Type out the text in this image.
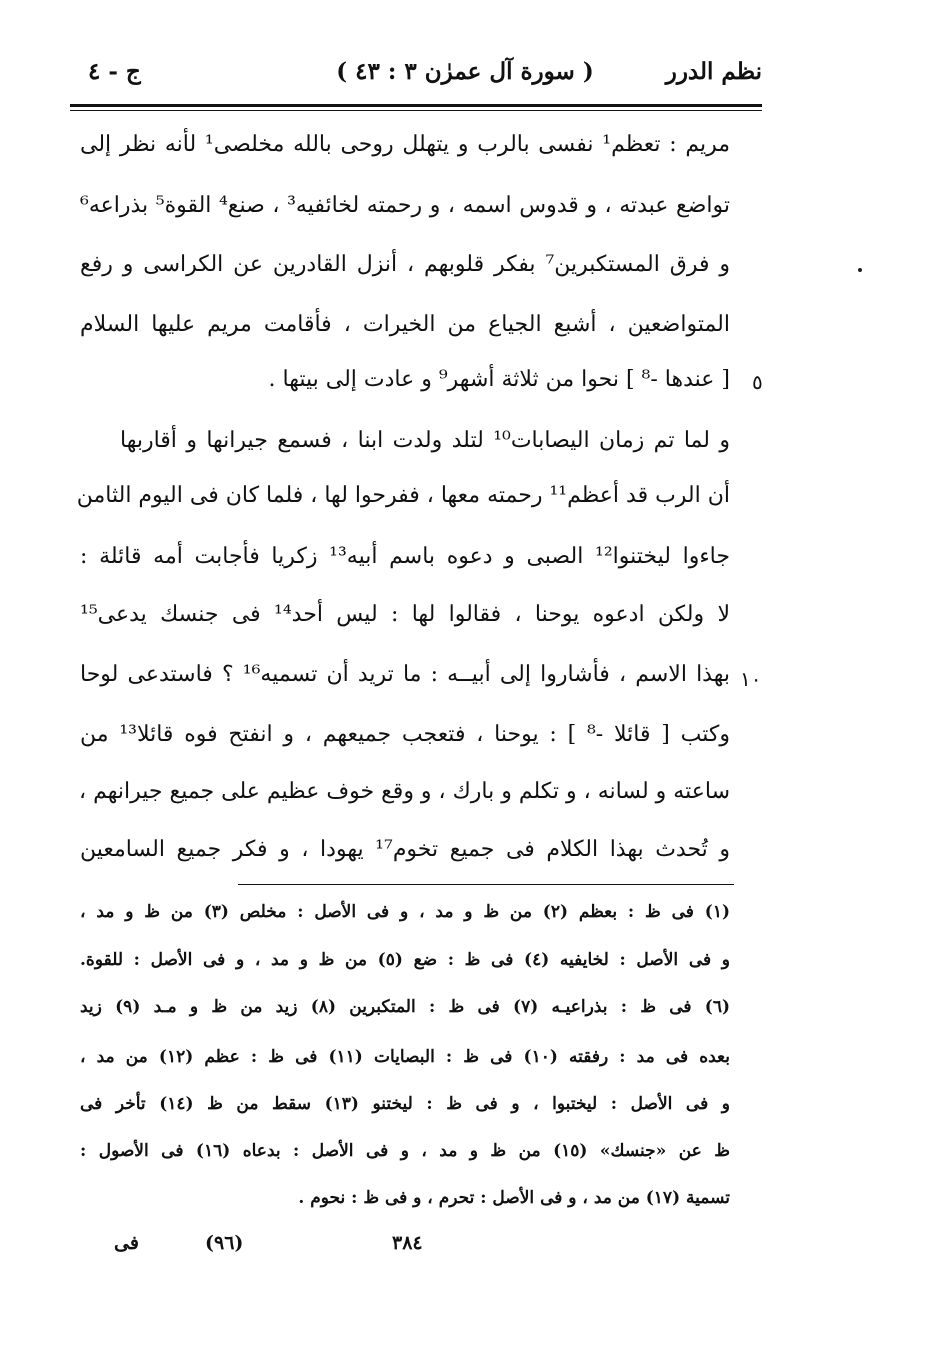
نظم الدرر
( سورة آل عمرٰن ٣ : ٤٣ )
ج - ٤
مريم : تعظم¹ نفسى بالرب و يتهلل روحى بالله مخلصى¹ لأنه نظر إلى
تواضع عبدته ، و قدوس اسمه ، و رحمته لخائفيه³ ، صنع⁴ القوة⁵ بذراعه⁶
و فرق المستكبرين⁷ بفكر قلوبهم ، أنزل القادرين عن الكراسى و رفع
المتواضعين ، أشبع الجياع من الخيرات ، فأقامت مريم عليها السلام
[ عندها -⁸ ] نحوا من ثلاثة أشهر⁹ و عادت إلى بيتها . ٥
و لما تم زمان اليصابات¹⁰ لتلد ولدت ابنا ، فسمع جيرانها و أقاربها
أن الرب قد أعظم¹¹ رحمته معها ، ففرحوا لها ، فلما كان فى اليوم الثامن
جاءوا ليختنوا¹² الصبى و دعوه باسم أبيه¹³ زكريا فأجابت أمه قائلة :
لا ولكن ادعوه يوحنا ، فقالوا لها : ليس أحد¹⁴ فى جنسك يدعى¹⁵
بهذا الاسم ، فأشاروا إلى أبيــه : ما تريد أن تسميه¹⁶ ؟ فاستدعى لوحا ١٠
وكتب [ قائلا -⁸ ] : يوحنا ، فتعجب جميعهم ، و انفتح فوه قائلا¹³ من
ساعته و لسانه ، و تكلم و بارك ، و وقع خوف عظيم على جميع جيرانهم ،
و تُحدث بهذا الكلام فى جميع تخوم¹⁷ يهودا ، و فكر جميع السامعين
(١) فى ظ : بعظم (٢) من ظ و مد ، و فى الأصل : مخلص (٣) من ظ و مد ،
و فى الأصل : لخايفيه (٤) فى ظ : ضع (٥) من ظ و مد ، و فى الأصل : للقوة.
(٦) فى ظ : بذراعيـه (٧) فى ظ : المتكبرين (٨) زيد من ظ و مـد (٩) زيد
بعده فى مد : رفقته (١٠) فى ظ : البصايات (١١) فى ظ : عظم (١٢) من مد ،
و فى الأصل : ليختبوا ، و فى ظ : ليختنو (١٣) سقط من ظ (١٤) تأخر فى
ظ عن «جنسك» (١٥) من ظ و مد ، و فى الأصل : بدعاه (١٦) فى الأصول :
تسمية (١٧) من مد ، و فى الأصل : تحرم ، و فى ظ : نحوم .
٣٨٤
(٩٦)
فى
